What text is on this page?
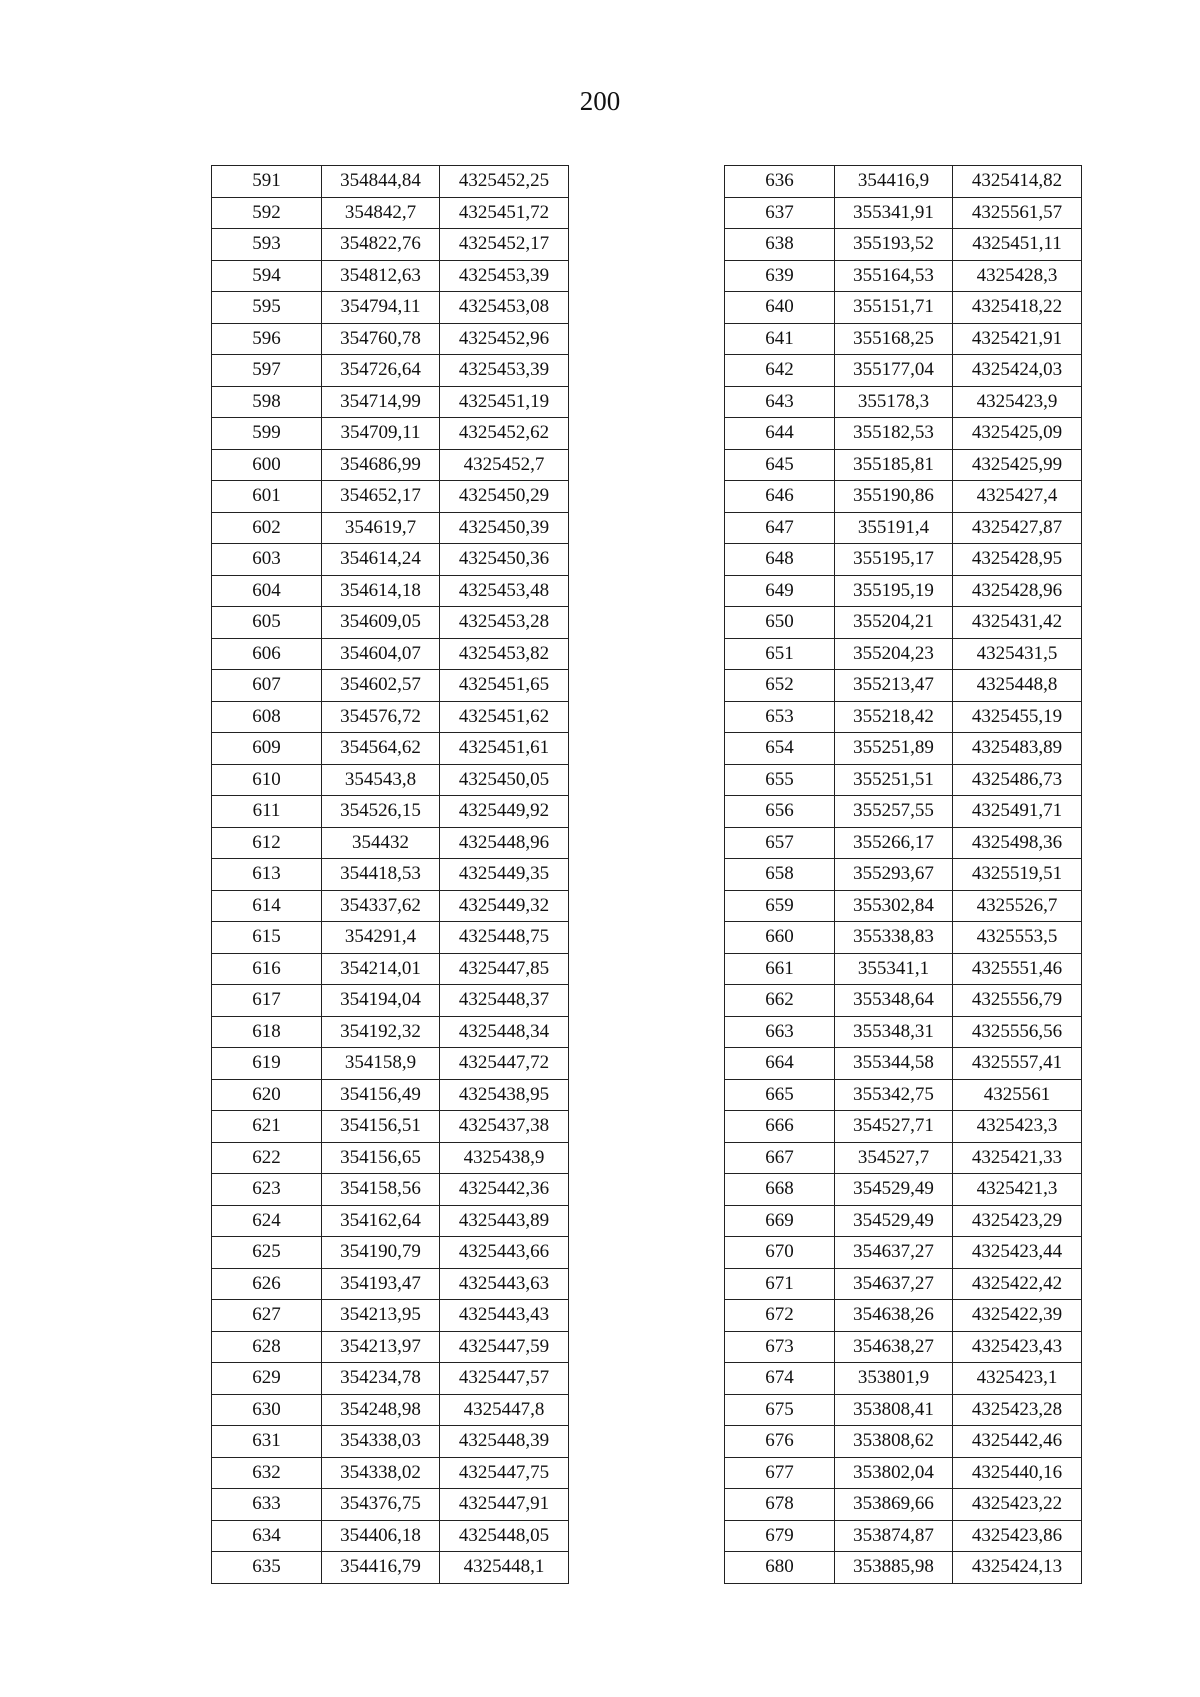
200
591	354844,84	4325452,25
592	354842,7	4325451,72
593	354822,76	4325452,17
594	354812,63	4325453,39
595	354794,11	4325453,08
596	354760,78	4325452,96
597	354726,64	4325453,39
598	354714,99	4325451,19
599	354709,11	4325452,62
600	354686,99	4325452,7
601	354652,17	4325450,29
602	354619,7	4325450,39
603	354614,24	4325450,36
604	354614,18	4325453,48
605	354609,05	4325453,28
606	354604,07	4325453,82
607	354602,57	4325451,65
608	354576,72	4325451,62
609	354564,62	4325451,61
610	354543,8	4325450,05
611	354526,15	4325449,92
612	354432	4325448,96
613	354418,53	4325449,35
614	354337,62	4325449,32
615	354291,4	4325448,75
616	354214,01	4325447,85
617	354194,04	4325448,37
618	354192,32	4325448,34
619	354158,9	4325447,72
620	354156,49	4325438,95
621	354156,51	4325437,38
622	354156,65	4325438,9
623	354158,56	4325442,36
624	354162,64	4325443,89
625	354190,79	4325443,66
626	354193,47	4325443,63
627	354213,95	4325443,43
628	354213,97	4325447,59
629	354234,78	4325447,57
630	354248,98	4325447,8
631	354338,03	4325448,39
632	354338,02	4325447,75
633	354376,75	4325447,91
634	354406,18	4325448,05
635	354416,79	4325448,1
636	354416,9	4325414,82
637	355341,91	4325561,57
638	355193,52	4325451,11
639	355164,53	4325428,3
640	355151,71	4325418,22
641	355168,25	4325421,91
642	355177,04	4325424,03
643	355178,3	4325423,9
644	355182,53	4325425,09
645	355185,81	4325425,99
646	355190,86	4325427,4
647	355191,4	4325427,87
648	355195,17	4325428,95
649	355195,19	4325428,96
650	355204,21	4325431,42
651	355204,23	4325431,5
652	355213,47	4325448,8
653	355218,42	4325455,19
654	355251,89	4325483,89
655	355251,51	4325486,73
656	355257,55	4325491,71
657	355266,17	4325498,36
658	355293,67	4325519,51
659	355302,84	4325526,7
660	355338,83	4325553,5
661	355341,1	4325551,46
662	355348,64	4325556,79
663	355348,31	4325556,56
664	355344,58	4325557,41
665	355342,75	4325561
666	354527,71	4325423,3
667	354527,7	4325421,33
668	354529,49	4325421,3
669	354529,49	4325423,29
670	354637,27	4325423,44
671	354637,27	4325422,42
672	354638,26	4325422,39
673	354638,27	4325423,43
674	353801,9	4325423,1
675	353808,41	4325423,28
676	353808,62	4325442,46
677	353802,04	4325440,16
678	353869,66	4325423,22
679	353874,87	4325423,86
680	353885,98	4325424,13
